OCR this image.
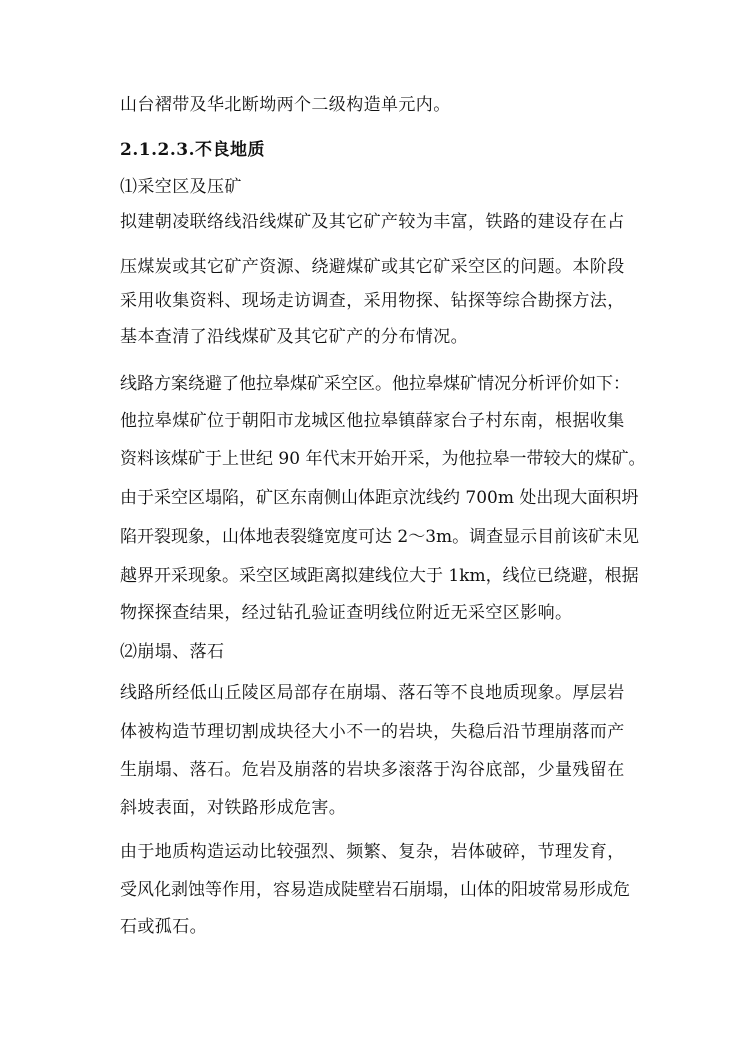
山台褶带及华北断坳两个二级构造单元内。
2.1.2.3.不良地质
⑴采空区及压矿
拟建朝凌联络线沿线煤矿及其它矿产较为丰富，铁路的建设存在占
压煤炭或其它矿产资源、绕避煤矿或其它矿采空区的问题。本阶段
采用收集资料、现场走访调查，采用物探、钻探等综合勘探方法，
基本查清了沿线煤矿及其它矿产的分布情况。
线路方案绕避了他拉皋煤矿采空区。他拉皋煤矿情况分析评价如下：
他拉皋煤矿位于朝阳市龙城区他拉皋镇薛家台子村东南，根据收集
资料该煤矿于上世纪 90 年代末开始开采，为他拉皋一带较大的煤矿。
由于采空区塌陷，矿区东南侧山体距京沈线约 700m 处出现大面积坍
陷开裂现象，山体地表裂缝宽度可达 2～3m。调查显示目前该矿未见
越界开采现象。采空区域距离拟建线位大于 1km，线位已绕避，根据
物探探查结果，经过钻孔验证查明线位附近无采空区影响。
⑵崩塌、落石
线路所经低山丘陵区局部存在崩塌、落石等不良地质现象。厚层岩
体被构造节理切割成块径大小不一的岩块，失稳后沿节理崩落而产
生崩塌、落石。危岩及崩落的岩块多滚落于沟谷底部，少量残留在
斜坡表面，对铁路形成危害。
由于地质构造运动比较强烈、频繁、复杂，岩体破碎，节理发育，
受风化剥蚀等作用，容易造成陡壁岩石崩塌，山体的阳坡常易形成危
石或孤石。
